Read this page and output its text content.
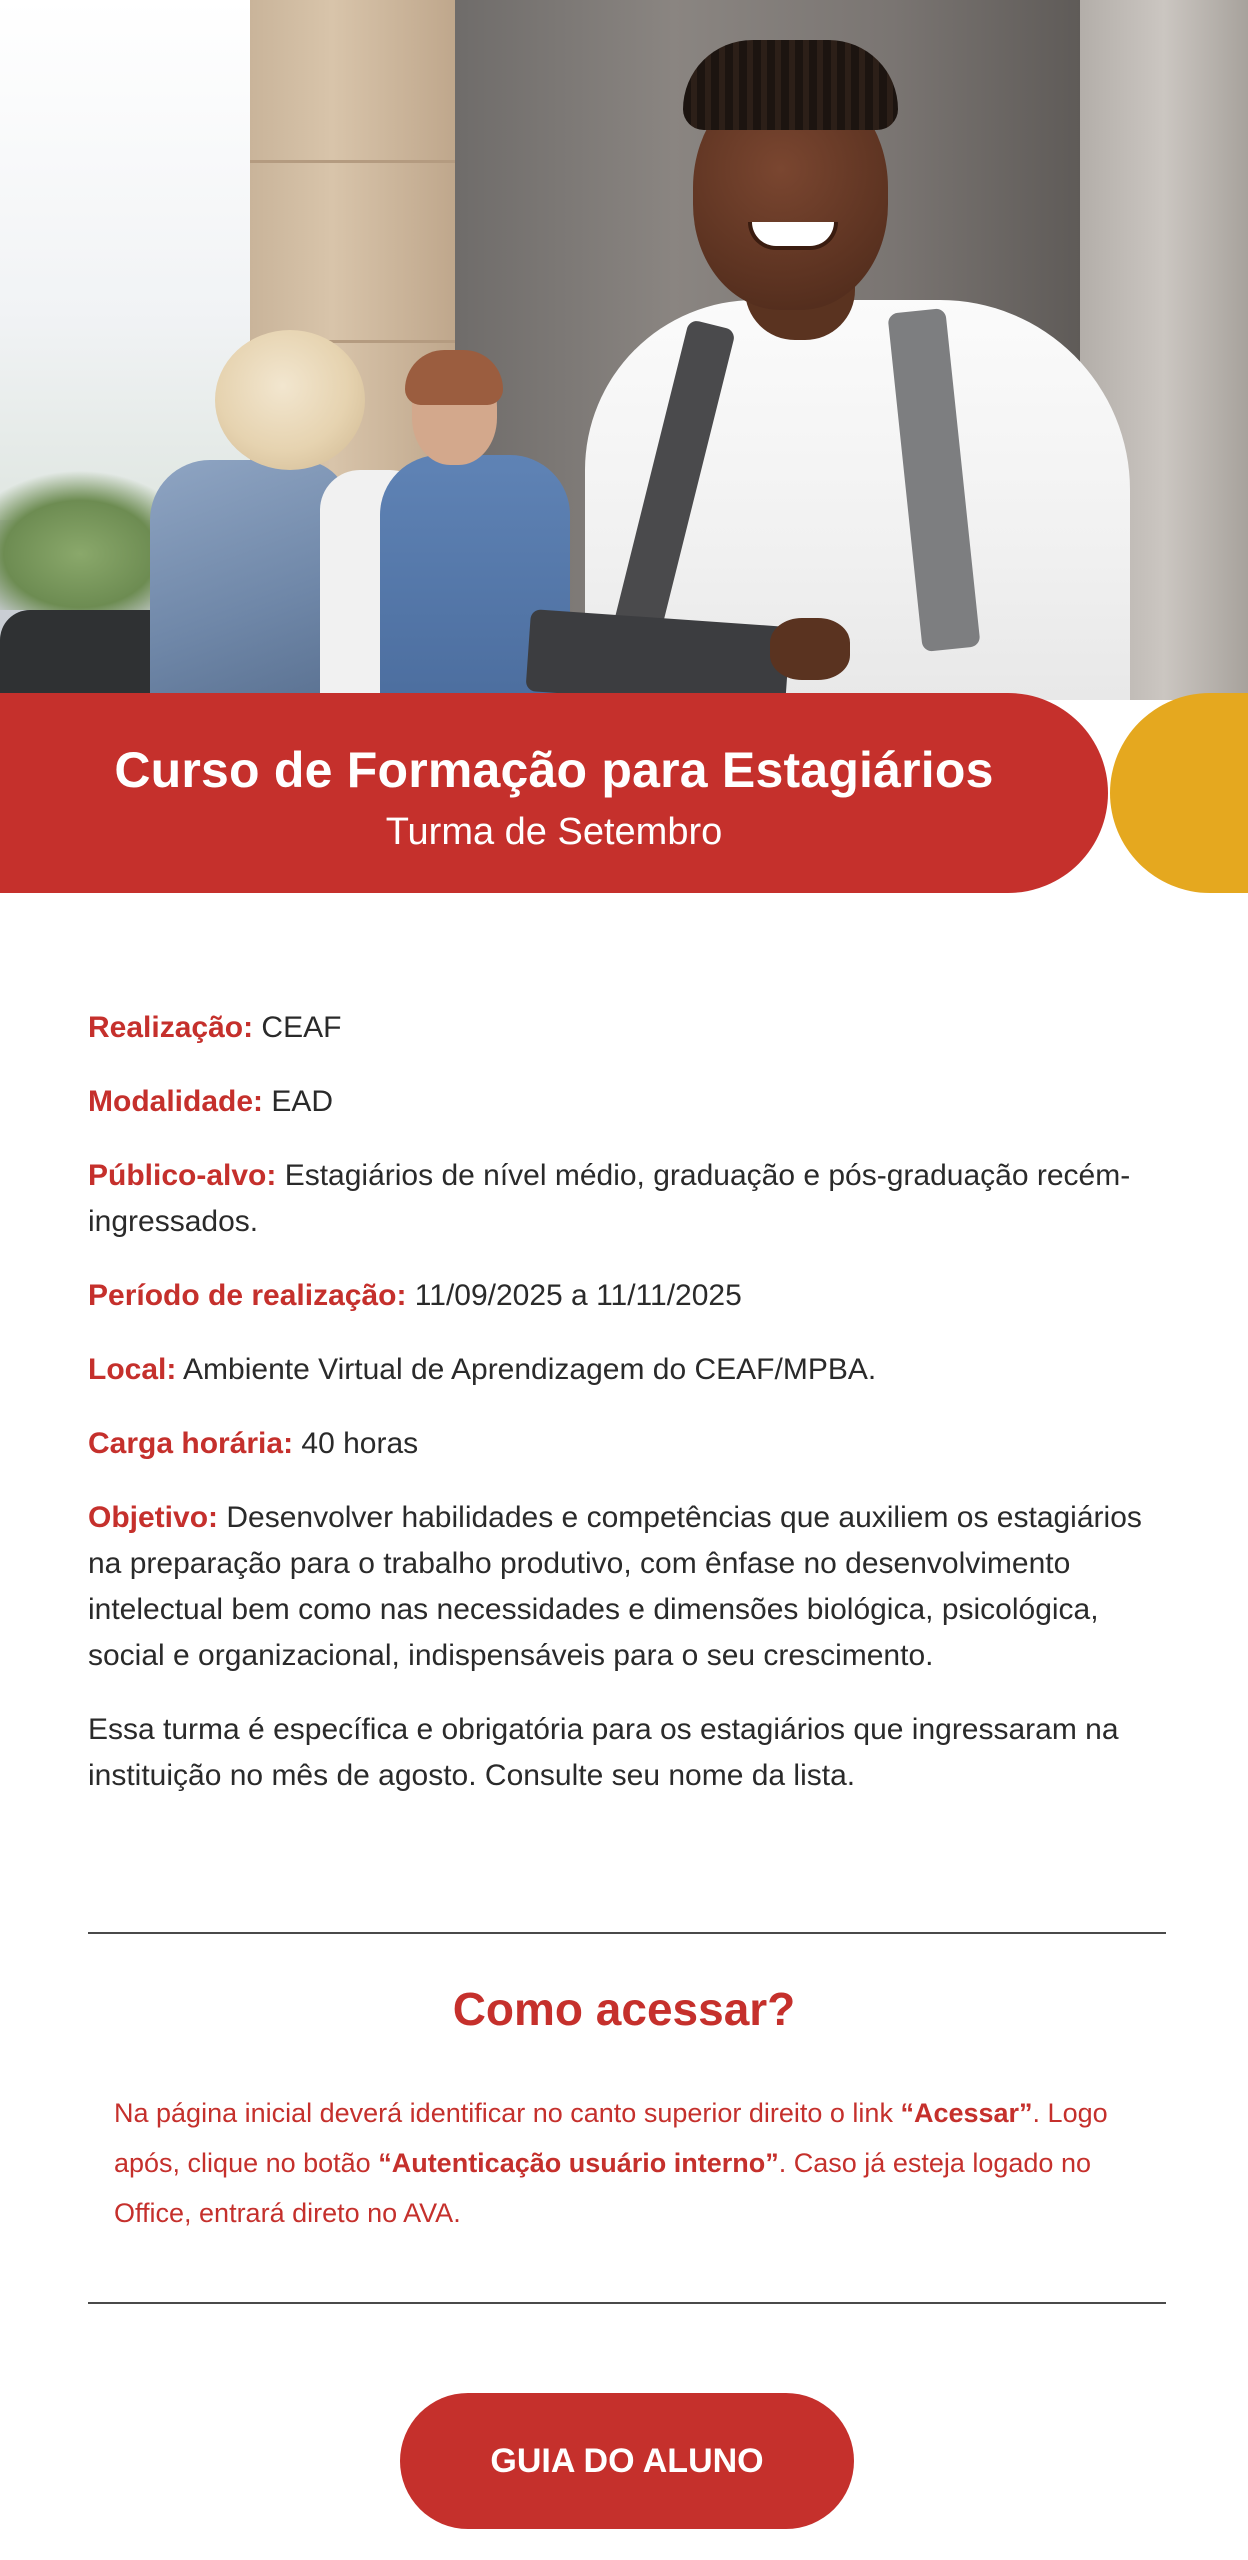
Curso de Formação para Estagiários
Turma de Setembro

Realização: CEAF

Modalidade: EAD

Público-alvo: Estagiários de nível médio, graduação e pós-graduação recém-ingressados.

Período de realização: 11/09/2025 a 11/11/2025

Local: Ambiente Virtual de Aprendizagem do CEAF/MPBA.

Carga horária: 40 horas

Objetivo: Desenvolver habilidades e competências que auxiliem os estagiários na preparação para o trabalho produtivo, com ênfase no desenvolvimento intelectual bem como nas necessidades e dimensões biológica, psicológica, social e organizacional, indispensáveis para o seu crescimento.

Essa turma é específica e obrigatória para os estagiários que ingressaram na instituição no mês de agosto. Consulte seu nome da lista.

Como acessar?
Na página inicial deverá identificar no canto superior direito o link “Acessar”. Logo após, clique no botão “Autenticação usuário interno”. Caso já esteja logado no Office, entrará direto no AVA.
GUIA DO ALUNO
